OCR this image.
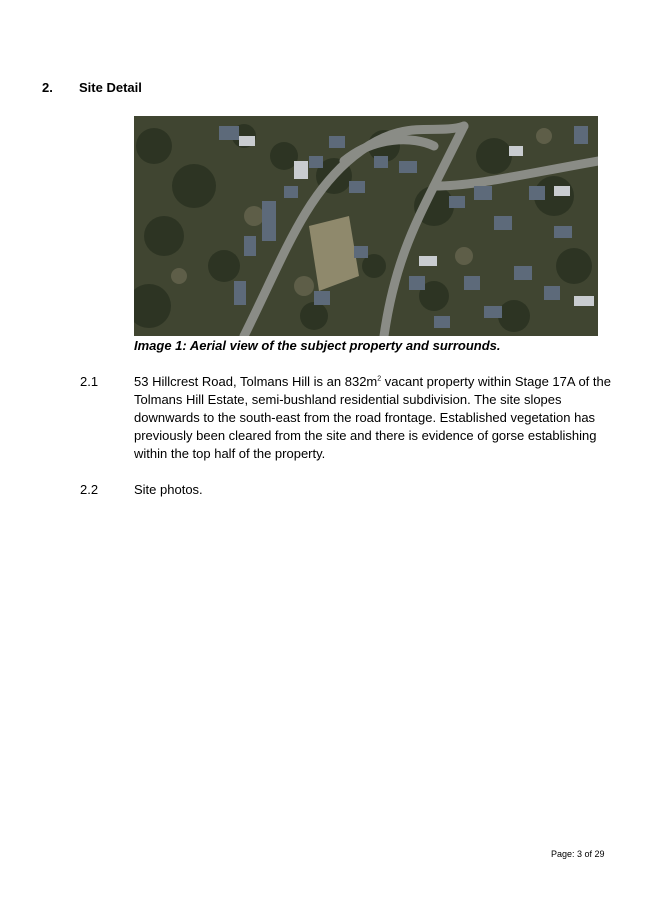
2.	Site Detail
Image 1: Aerial view of the subject property and surrounds.
2.1	53 Hillcrest Road, Tolmans Hill is an $832m^2$ vacant property within Stage 17A of the
Tolmans Hill Estate, semi-bushland residential subdivision. The site slopes
downwards to the south-east from the road frontage. Established vegetation has
previously been cleared from the site and there is evidence of gorse establishing
within the top half of the property.
2.2	Site photos.
Page: 3 of 29
